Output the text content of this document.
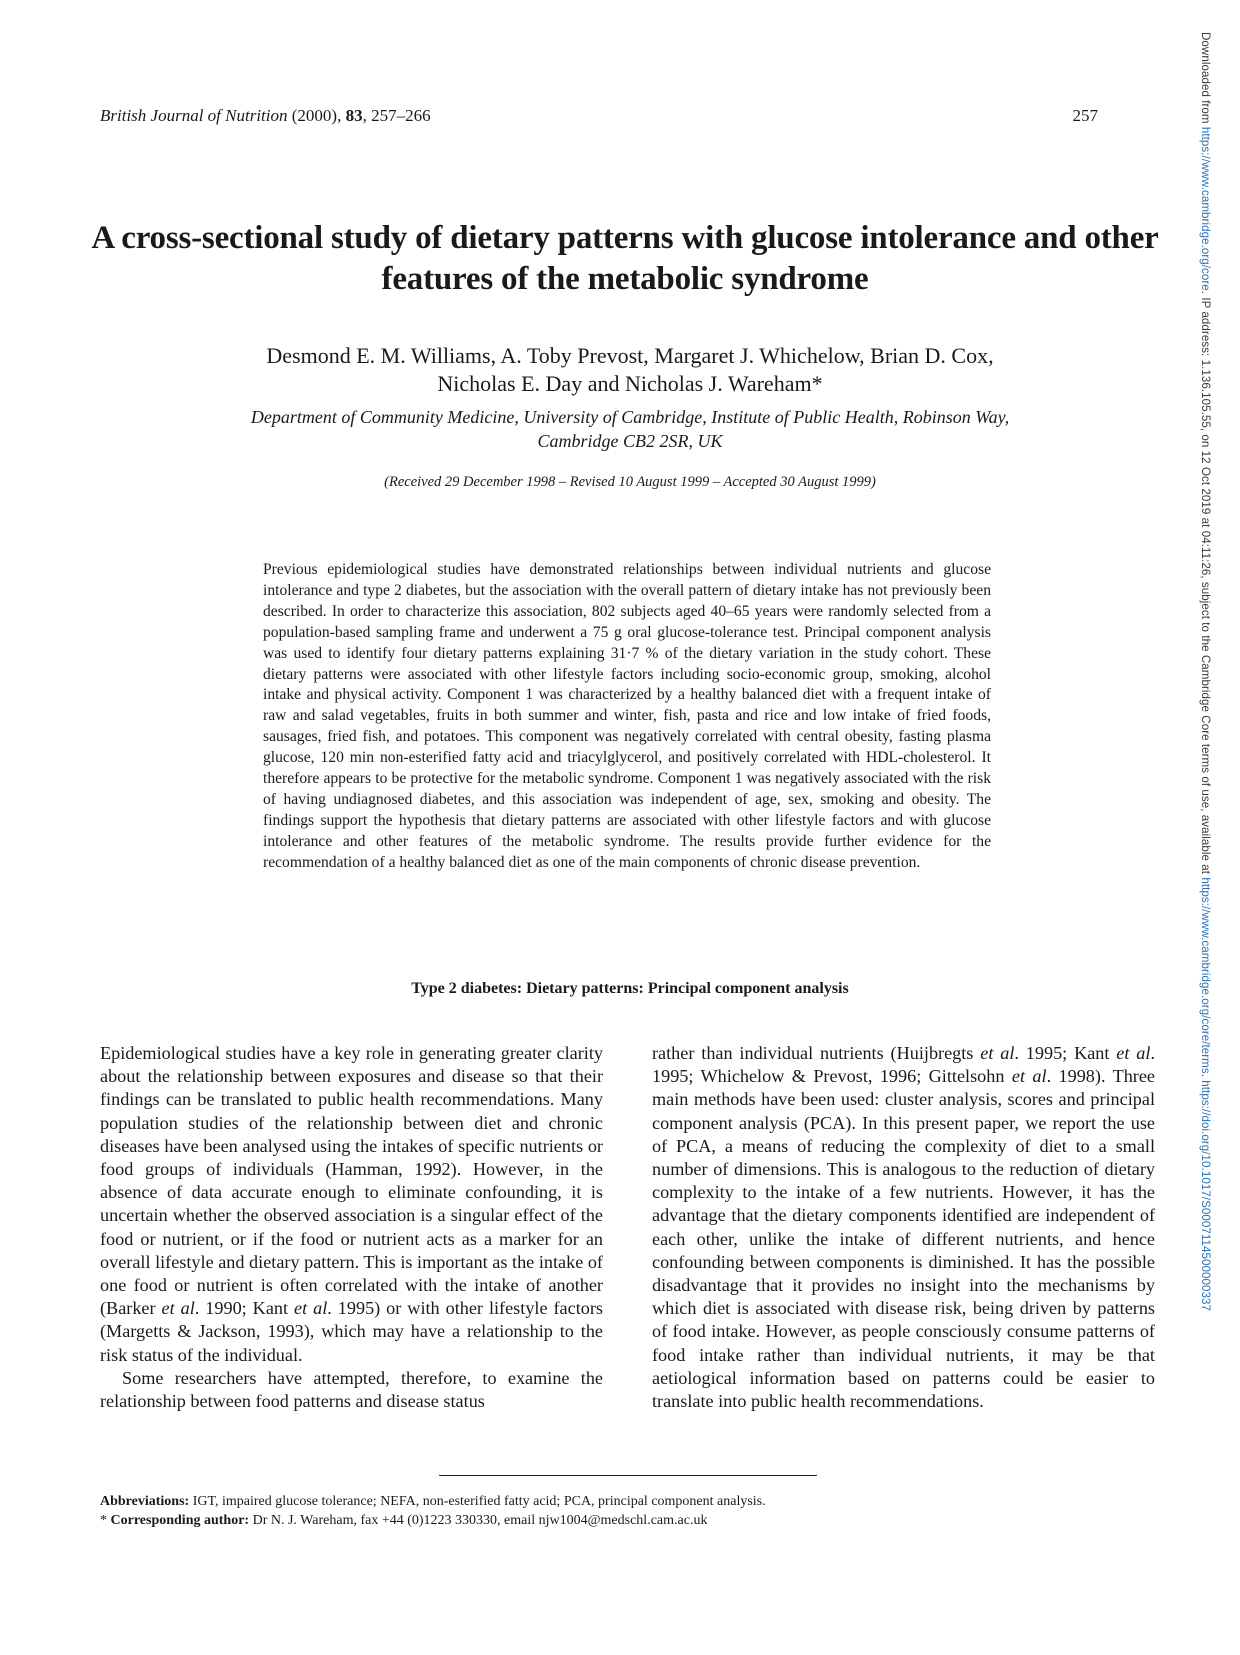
British Journal of Nutrition (2000), 83, 257–266	257
A cross-sectional study of dietary patterns with glucose intolerance and other features of the metabolic syndrome
Desmond E. M. Williams, A. Toby Prevost, Margaret J. Whichelow, Brian D. Cox,
Nicholas E. Day and Nicholas J. Wareham*
Department of Community Medicine, University of Cambridge, Institute of Public Health, Robinson Way,
Cambridge CB2 2SR, UK
(Received 29 December 1998 – Revised 10 August 1999 – Accepted 30 August 1999)
Previous epidemiological studies have demonstrated relationships between individual nutrients and glucose intolerance and type 2 diabetes, but the association with the overall pattern of dietary intake has not previously been described. In order to characterize this association, 802 subjects aged 40–65 years were randomly selected from a population-based sampling frame and underwent a 75 g oral glucose-tolerance test. Principal component analysis was used to identify four dietary patterns explaining 31·7 % of the dietary variation in the study cohort. These dietary patterns were associated with other lifestyle factors including socio-economic group, smoking, alcohol intake and physical activity. Component 1 was characterized by a healthy balanced diet with a frequent intake of raw and salad vegetables, fruits in both summer and winter, fish, pasta and rice and low intake of fried foods, sausages, fried fish, and potatoes. This component was negatively correlated with central obesity, fasting plasma glucose, 120 min non-esterified fatty acid and triacylglycerol, and positively correlated with HDL-cholesterol. It therefore appears to be protective for the metabolic syndrome. Component 1 was negatively associated with the risk of having undiagnosed diabetes, and this association was independent of age, sex, smoking and obesity. The findings support the hypothesis that dietary patterns are associated with other lifestyle factors and with glucose intolerance and other features of the metabolic syndrome. The results provide further evidence for the recommendation of a healthy balanced diet as one of the main components of chronic disease prevention.
Type 2 diabetes: Dietary patterns: Principal component analysis

Epidemiological studies have a key role in generating greater clarity about the relationship between exposures and disease so that their findings can be translated to public health recommendations. Many population studies of the relationship between diet and chronic diseases have been analysed using the intakes of specific nutrients or food groups of individuals (Hamman, 1992). However, in the absence of data accurate enough to eliminate confounding, it is uncertain whether the observed association is a singular effect of the food or nutrient, or if the food or nutrient acts as a marker for an overall lifestyle and dietary pattern. This is important as the intake of one food or nutrient is often correlated with the intake of another (Barker et al. 1990; Kant et al. 1995) or with other lifestyle factors (Margetts & Jackson, 1993), which may have a relationship to the risk status of the individual.

Some researchers have attempted, therefore, to examine the relationship between food patterns and disease status

rather than individual nutrients (Huijbregts et al. 1995; Kant et al. 1995; Whichelow & Prevost, 1996; Gittelsohn et al. 1998). Three main methods have been used: cluster analysis, scores and principal component analysis (PCA). In this present paper, we report the use of PCA, a means of reducing the complexity of diet to a small number of dimensions. This is analogous to the reduction of dietary complexity to the intake of a few nutrients. However, it has the advantage that the dietary components identified are independent of each other, unlike the intake of different nutrients, and hence confounding between components is diminished. It has the possible disadvantage that it provides no insight into the mechanisms by which diet is associated with disease risk, being driven by patterns of food intake. However, as people consciously consume patterns of food intake rather than individual nutrients, it may be that aetiological information based on patterns could be easier to translate into public health recommendations.

Abbreviations: IGT, impaired glucose tolerance; NEFA, non-esterified fatty acid; PCA, principal component analysis.
* Corresponding author: Dr N. J. Wareham, fax +44 (0)1223 330330, email njw1004@medschl.cam.ac.uk
Downloaded from https://www.cambridge.org/core. IP address: 1.136.105.55, on 12 Oct 2019 at 04:11:26, subject to the Cambridge Core terms of use, available at https://www.cambridge.org/core/terms. https://doi.org/10.1017/S0007114500000337
